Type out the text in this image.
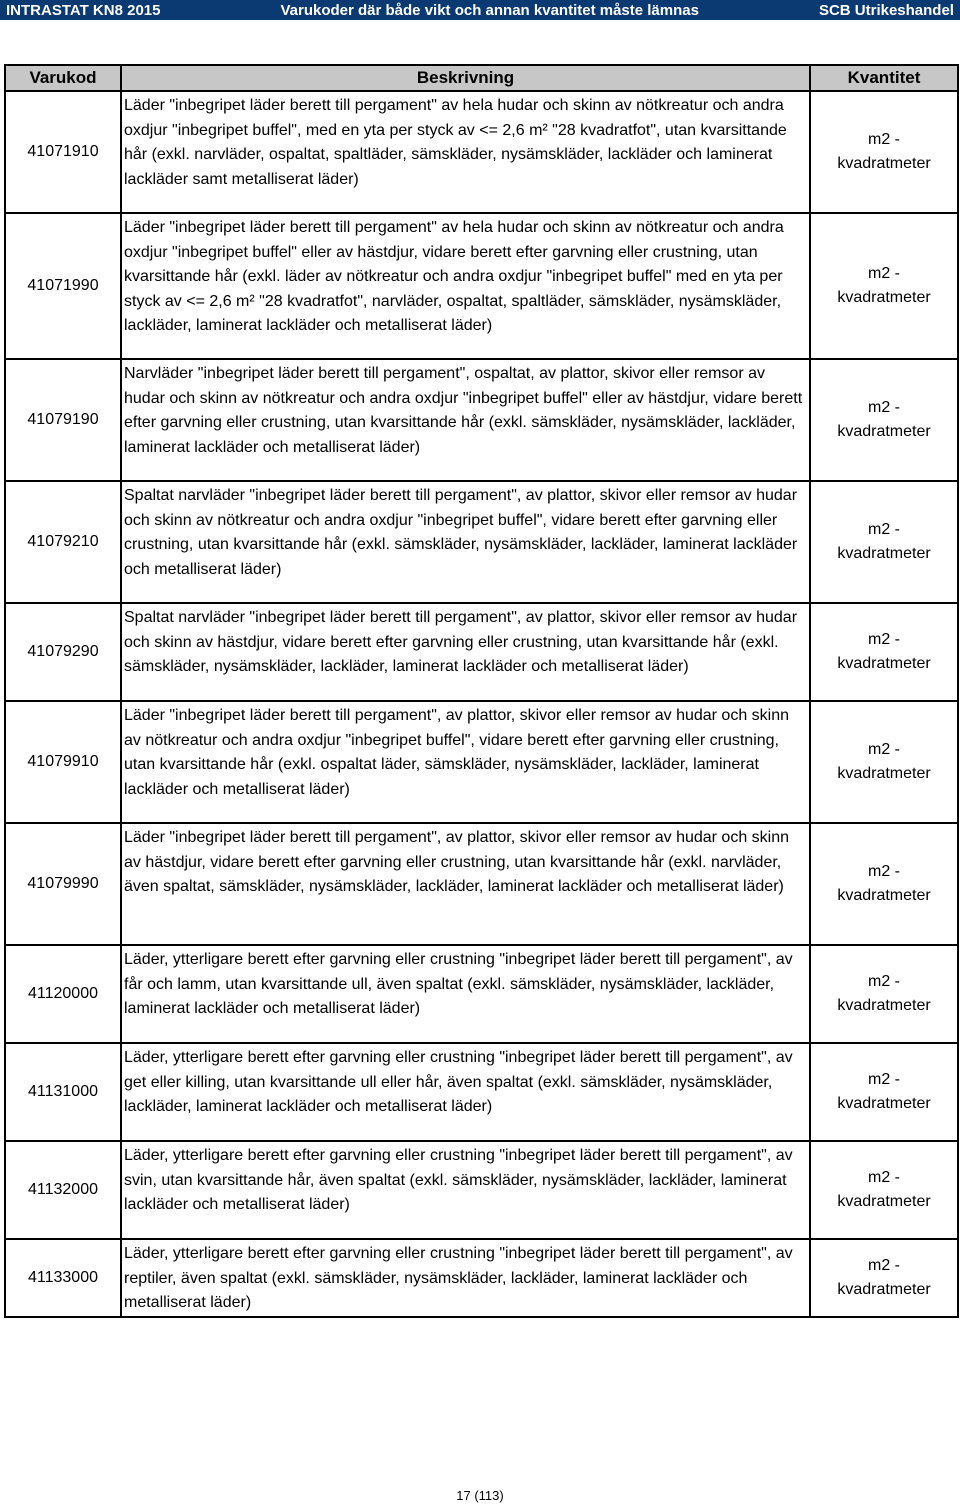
INTRASTAT KN8 2015	Varukoder där både vikt och annan kvantitet måste lämnas	SCB Utrikeshandel
Varukod	Beskrivning	Kvantitet
41071910	Läder "inbegripet läder berett till pergament" av hela hudar och skinn av nötkreatur och andra oxdjur "inbegripet buffel", med en yta per styck av <= 2,6 m² "28 kvadratfot", utan kvarsittande hår (exkl. narvläder, ospaltat, spaltläder, sämskläder, nysämskläder, lackläder och laminerat lackläder samt metalliserat läder)	m2 -
kvadratmeter

41071990	Läder "inbegripet läder berett till pergament" av hela hudar och skinn av nötkreatur och andra oxdjur "inbegripet buffel" eller av hästdjur, vidare berett efter garvning eller crustning, utan kvarsittande hår (exkl. läder av nötkreatur och andra oxdjur "inbegripet buffel" med en yta per styck av <= 2,6 m² "28 kvadratfot", narvläder, ospaltat, spaltläder, sämskläder, nysämskläder, lackläder, laminerat lackläder och metalliserat läder)	m2 -
kvadratmeter

41079190	Narvläder "inbegripet läder berett till pergament", ospaltat, av plattor, skivor eller remsor av hudar och skinn av nötkreatur och andra oxdjur "inbegripet buffel" eller av hästdjur, vidare berett efter garvning eller crustning, utan kvarsittande hår (exkl. sämskläder, nysämskläder, lackläder, laminerat lackläder och metalliserat läder)	m2 -
kvadratmeter

41079210	Spaltat narvläder "inbegripet läder berett till pergament", av plattor, skivor eller remsor av hudar och skinn av nötkreatur och andra oxdjur "inbegripet buffel", vidare berett efter garvning eller crustning, utan kvarsittande hår (exkl. sämskläder, nysämskläder, lackläder, laminerat lackläder och metalliserat läder)	m2 -
kvadratmeter

41079290	Spaltat narvläder "inbegripet läder berett till pergament", av plattor, skivor eller remsor av hudar och skinn av hästdjur, vidare berett efter garvning eller crustning, utan kvarsittande hår (exkl. sämskläder, nysämskläder, lackläder, laminerat lackläder och metalliserat läder)	m2 -
kvadratmeter

41079910	Läder "inbegripet läder berett till pergament", av plattor, skivor eller remsor av hudar och skinn av nötkreatur och andra oxdjur "inbegripet buffel", vidare berett efter garvning eller crustning, utan kvarsittande hår (exkl. ospaltat läder, sämskläder, nysämskläder, lackläder, laminerat lackläder och metalliserat läder)	m2 -
kvadratmeter

41079990	Läder "inbegripet läder berett till pergament", av plattor, skivor eller remsor av hudar och skinn av hästdjur, vidare berett efter garvning eller crustning, utan kvarsittande hår (exkl. narvläder, även spaltat, sämskläder, nysämskläder, lackläder, laminerat lackläder och metalliserat läder)	m2 -
kvadratmeter

41120000	Läder, ytterligare berett efter garvning eller crustning "inbegripet läder berett till pergament", av får och lamm, utan kvarsittande ull, även spaltat (exkl. sämskläder, nysämskläder, lackläder, laminerat lackläder och metalliserat läder)	m2 -
kvadratmeter

41131000	Läder, ytterligare berett efter garvning eller crustning "inbegripet läder berett till pergament", av get eller killing, utan kvarsittande ull eller hår, även spaltat (exkl. sämskläder, nysämskläder, lackläder, laminerat lackläder och metalliserat läder)	m2 -
kvadratmeter

41132000	Läder, ytterligare berett efter garvning eller crustning "inbegripet läder berett till pergament", av svin, utan kvarsittande hår, även spaltat (exkl. sämskläder, nysämskläder, lackläder, laminerat lackläder och metalliserat läder)	m2 -
kvadratmeter

41133000	Läder, ytterligare berett efter garvning eller crustning "inbegripet läder berett till pergament", av reptiler, även spaltat (exkl. sämskläder, nysämskläder, lackläder, laminerat lackläder och metalliserat läder)	m2 -
kvadratmeter
17 (113)
